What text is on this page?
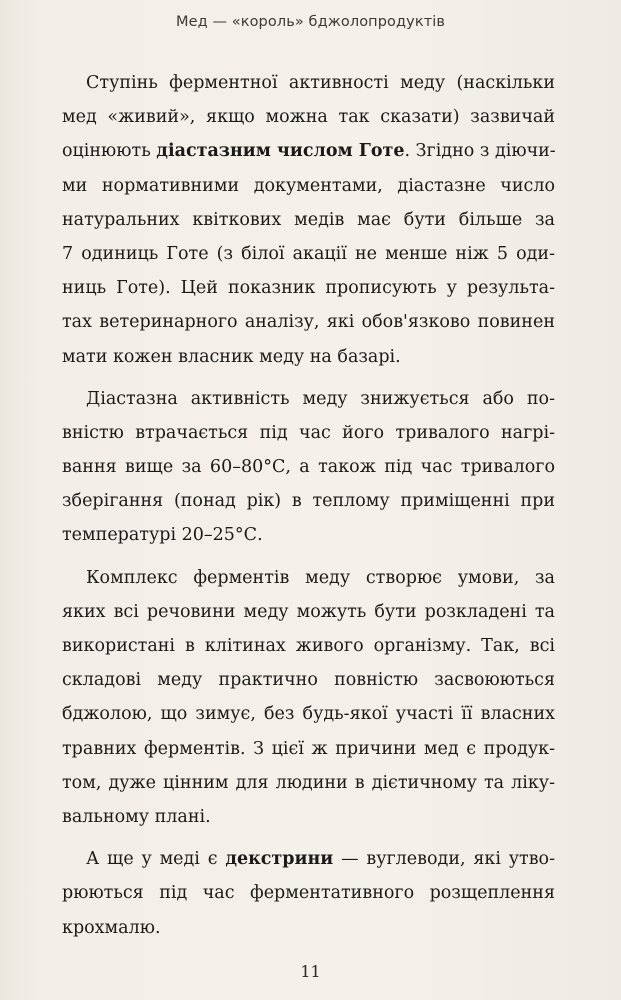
Мед — «король» бджолопродуктів
Ступінь ферментної активності меду (наскільки
мед «живий», якщо можна так сказати) зазвичай
оцінюють діастазним числом Готе. Згідно з діючи-
ми нормативними документами, діастазне число
натуральних квіткових медів має бути більше за
7 одиниць Готе (з білої акації не менше ніж 5 оди-
ниць Готе). Цей показник прописують у результа-
тах ветеринарного аналізу, які обов'язково повинен
мати кожен власник меду на базарі.
Діастазна активність меду знижується або по-
вністю втрачається під час його тривалого нагрі-
вання вище за 60–80°С, а також під час тривалого
зберігання (понад рік) в теплому приміщенні при
температурі 20–25°С.
Комплекс ферментів меду створює умови, за
яких всі речовини меду можуть бути розкладені та
використані в клітинах живого організму. Так, всі
складові меду практично повністю засвоюються
бджолою, що зимує, без будь-якої участі її власних
травних ферментів. З цієї ж причини мед є продук-
том, дуже цінним для людини в дієтичному та ліку-
вальному плані.
А ще у меді є декстрини — вуглеводи, які утво-
рюються під час ферментативного розщеплення
крохмалю.
11
